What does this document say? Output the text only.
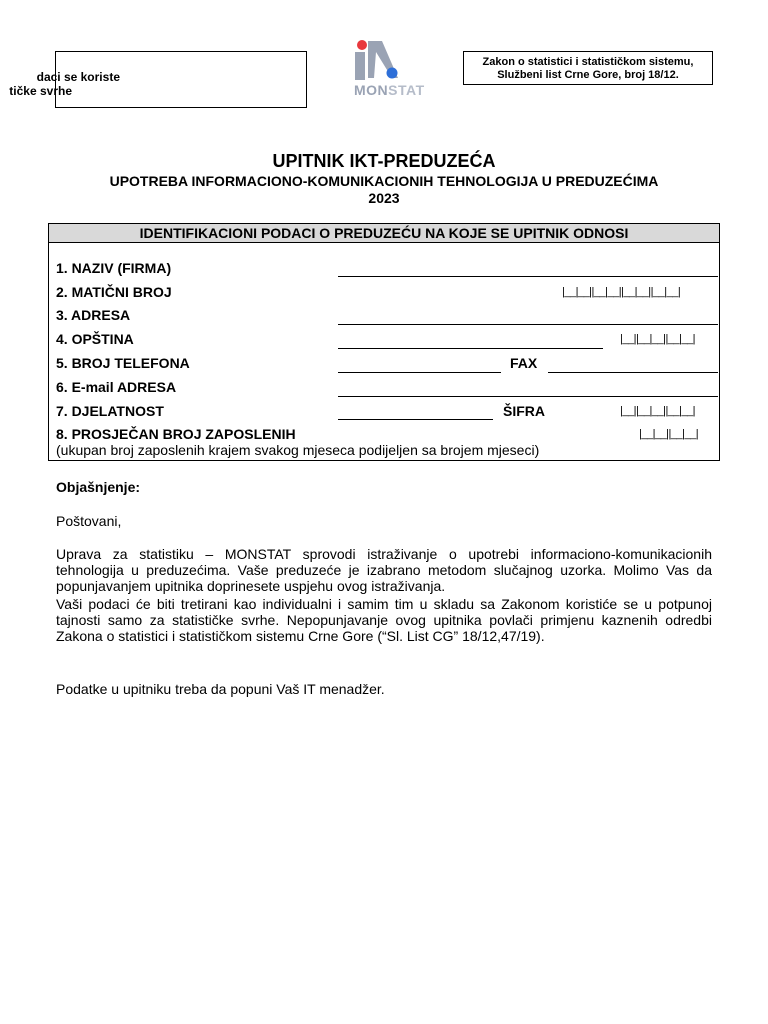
daci se koriste
tičke svrhe	MONSTAT
Zakon o statistici i statističkom sistemu,
Službeni list Crne Gore, broj 18/12.
UPITNIK IKT-PREDUZEĆA
UPOTREBA INFORMACIONO-KOMUNIKACIONIH TEHNOLOGIJA U PREDUZEĆIMA
2023
IDENTIFIKACIONI PODACI O PREDUZEĆU NA KOJE SE UPITNIK ODNOSI
1. NAZIV (FIRMA)
2. MATIČNI BROJ	|__|__||__|__||__|__||__|__|
3. ADRESA
4. OPŠTINA	|__||__|__||__|__|
5. BROJ TELEFONA	FAX
6. E-mail ADRESA
7. DJELATNOST	ŠIFRA	|__||__|__||__|__|
8. PROSJEČAN BROJ ZAPOSLENIH	|__|__||__|__|
(ukupan broj zaposlenih krajem svakog mjeseca podijeljen sa brojem mjeseci)
Objašnjenje:
Poštovani,
Uprava za statistiku – MONSTAT sprovodi istraživanje o upotrebi informaciono-komunikacionih tehnologija u preduzećima. Vaše preduzeće je izabrano metodom slučajnog uzorka. Molimo Vas da popunjavanjem upitnika doprinesete uspjehu ovog istraživanja.
Vaši podaci će biti tretirani kao individualni i samim tim u skladu sa Zakonom koristiće se u potpunoj tajnosti samo za statističke svrhe. Nepopunjavanje ovog upitnika povlači primjenu kaznenih odredbi Zakona o statistici i statističkom sistemu Crne Gore (“Sl. List CG” 18/12,47/19).
Podatke u upitniku treba da popuni Vaš IT menadžer.
